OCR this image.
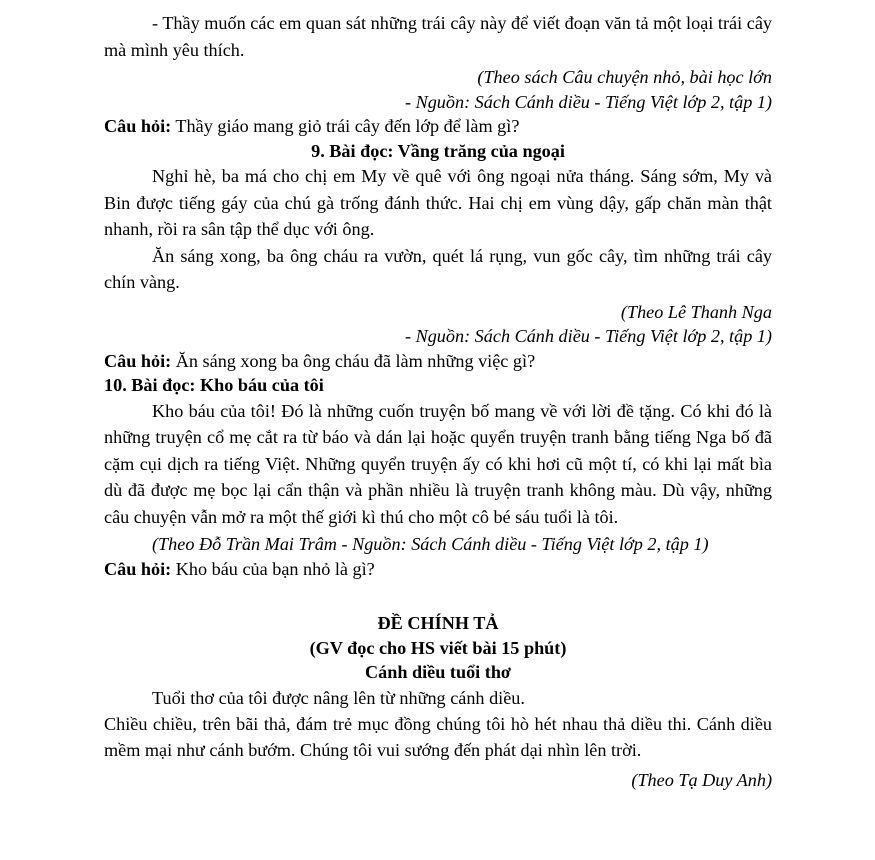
- Thầy muốn các em quan sát những trái cây này để viết đoạn văn tả một loại trái cây mà mình yêu thích.

(Theo sách Câu chuyện nhỏ, bài học lớn
- Nguồn: Sách Cánh diều - Tiếng Việt lớp 2, tập 1)
Câu hỏi: Thầy giáo mang giỏ trái cây đến lớp để làm gì?
9. Bài đọc: Vầng trăng của ngoại

Nghỉ hè, ba má cho chị em My về quê với ông ngoại nửa tháng. Sáng sớm, My và Bin được tiếng gáy của chú gà trống đánh thức. Hai chị em vùng dậy, gấp chăn màn thật nhanh, rồi ra sân tập thể dục với ông.

Ăn sáng xong, ba ông cháu ra vườn, quét lá rụng, vun gốc cây, tìm những trái cây chín vàng.

(Theo Lê Thanh Nga
- Nguồn: Sách Cánh diều - Tiếng Việt lớp 2, tập 1)
Câu hỏi: Ăn sáng xong ba ông cháu đã làm những việc gì?
10. Bài đọc: Kho báu của tôi

Kho báu của tôi! Đó là những cuốn truyện bố mang về với lời đề tặng. Có khi đó là những truyện cổ mẹ cắt ra từ báo và dán lại hoặc quyển truyện tranh bằng tiếng Nga bố đã cặm cụi dịch ra tiếng Việt. Những quyển truyện ấy có khi hơi cũ một tí, có khi lại mất bìa dù đã được mẹ bọc lại cẩn thận và phần nhiều là truyện tranh không màu. Dù vậy, những câu chuyện vẫn mở ra một thế giới kì thú cho một cô bé sáu tuổi là tôi.

(Theo Đỗ Trần Mai Trâm - Nguồn: Sách Cánh diều - Tiếng Việt lớp 2, tập 1)
Câu hỏi: Kho báu của bạn nhỏ là gì?
ĐỀ CHÍNH TẢ
(GV đọc cho HS viết bài 15 phút)
Cánh diều tuổi thơ
Tuổi thơ của tôi được nâng lên từ những cánh diều.

Chiều chiều, trên bãi thả, đám trẻ mục đồng chúng tôi hò hét nhau thả diều thi. Cánh diều mềm mại như cánh bướm. Chúng tôi vui sướng đến phát dại nhìn lên trời.

(Theo Tạ Duy Anh)
